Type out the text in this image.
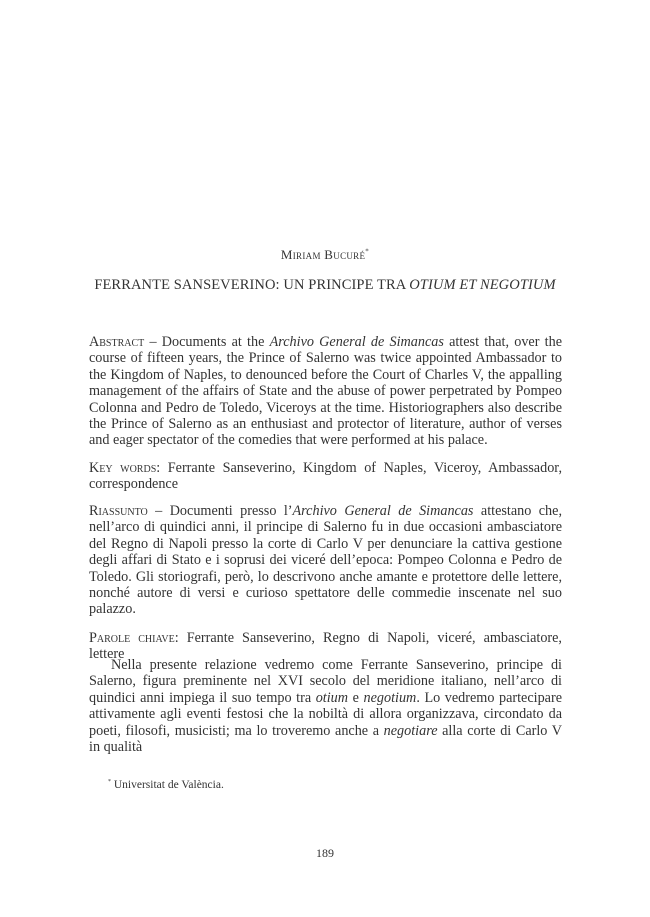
Miriam Bucuré*
FERRANTE SANSEVERINO: UN PRINCIPE TRA OTIUM ET NEGOTIUM
Abstract – Documents at the Archivo General de Simancas attest that, over the course of fifteen years, the Prince of Salerno was twice appointed Ambassador to the Kingdom of Naples, to denounced before the Court of Charles V, the appalling management of the affairs of State and the abuse of power perpetrated by Pompeo Colonna and Pedro de Toledo, Viceroys at the time. Historiographers also describe the Prince of Salerno as an enthusiast and protector of literature, author of verses and eager spectator of the comedies that were performed at his palace.
Key words: Ferrante Sanseverino, Kingdom of Naples, Viceroy, Ambassador, correspondence
Riassunto – Documenti presso l’Archivo General de Simancas attestano che, nell’arco di quindici anni, il principe di Salerno fu in due occasioni ambasciatore del Regno di Napoli presso la corte di Carlo V per denunciare la cattiva gestione degli affari di Stato e i soprusi dei viceré dell’epoca: Pompeo Colonna e Pedro de Toledo. Gli storiografi, però, lo descrivono anche amante e protettore delle lettere, nonché autore di versi e curioso spettatore delle commedie inscenate nel suo palazzo.
Parole chiave: Ferrante Sanseverino, Regno di Napoli, viceré, ambasciatore, lettere
Nella presente relazione vedremo come Ferrante Sanseverino, principe di Salerno, figura preminente nel XVI secolo del meridione italiano, nell’arco di quindici anni impiega il suo tempo tra otium e negotium. Lo vedremo partecipare attivamente agli eventi festosi che la nobiltà di allora organizzava, circondato da poeti, filosofi, musicisti; ma lo troveremo anche a negotiare alla corte di Carlo V in qualità
* Universitat de València.
189
